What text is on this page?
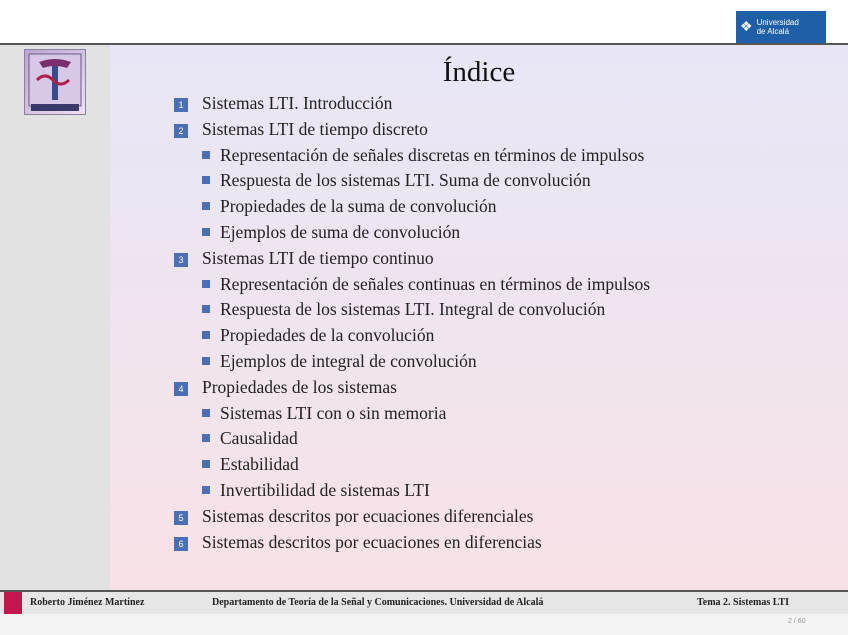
❖ Universidad
de Alcalá
Índice
1 Sistemas LTI. Introducción
2 Sistemas LTI de tiempo discreto
Representación de señales discretas en términos de impulsos
Respuesta de los sistemas LTI. Suma de convolución
Propiedades de la suma de convolución
Ejemplos de suma de convolución
3 Sistemas LTI de tiempo continuo
Representación de señales continuas en términos de impulsos
Respuesta de los sistemas LTI. Integral de convolución
Propiedades de la convolución
Ejemplos de integral de convolución
4 Propiedades de los sistemas
Sistemas LTI con o sin memoria
Causalidad
Estabilidad
Invertibilidad de sistemas LTI
5 Sistemas descritos por ecuaciones diferenciales
6 Sistemas descritos por ecuaciones en diferencias
Roberto Jiménez Martínez	Departamento de Teoría de la Señal y Comunicaciones. Universidad de Alcalá	Tema 2. Sistemas LTI
2 / 60
